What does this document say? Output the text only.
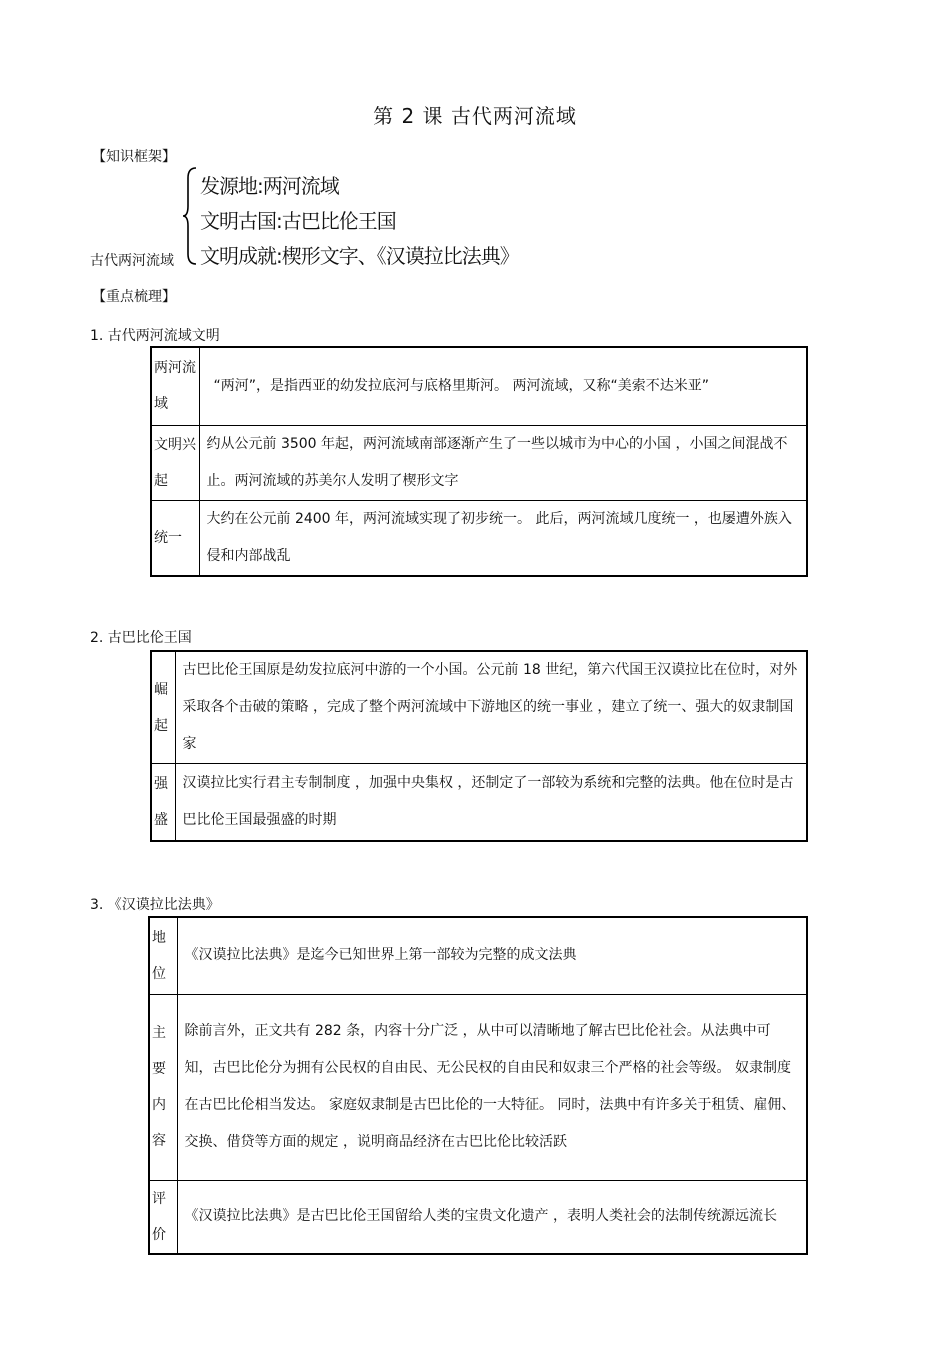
第 2 课 古代两河流域
【知识框架】
古代两河流域
发源地:两河流域
文明古国:古巴比伦王国
文明成就:楔形文字、《汉谟拉比法典》
【重点梳理】
1. 古代两河流域文明
两河流域	“两河”，是指西亚的幼发拉底河与底格里斯河。 两河流域，又称“美索不达米亚”
文明兴起	约从公元前 3500 年起，两河流域南部逐渐产生了一些以城市为中心的小国 ，小国之间混战不止。两河流域的苏美尔人发明了楔形文字
统一	大约在公元前 2400 年，两河流域实现了初步统一。 此后，两河流域几度统一 ，也屡遭外族入侵和内部战乱
2. 古巴比伦王国
崛起	古巴比伦王国原是幼发拉底河中游的一个小国。公元前 18 世纪，第六代国王汉谟拉比在位时，对外采取各个击破的策略 ，完成了整个两河流域中下游地区的统一事业 ，建立了统一、强大的奴隶制国家
强盛	汉谟拉比实行君主专制制度 ，加强中央集权 ，还制定了一部较为系统和完整的法典。他在位时是古巴比伦王国最强盛的时期
3. 《汉谟拉比法典》
地位	《汉谟拉比法典》是迄今已知世界上第一部较为完整的成文法典
主要内容	除前言外，正文共有 282 条，内容十分广泛 ，从中可以清晰地了解古巴比伦社会。从法典中可知，古巴比伦分为拥有公民权的自由民、无公民权的自由民和奴隶三个严格的社会等级。 奴隶制度在古巴比伦相当发达。 家庭奴隶制是古巴比伦的一大特征。 同时，法典中有许多关于租赁、雇佣、交换、借贷等方面的规定 ，说明商品经济在古巴比伦比较活跃
评价	《汉谟拉比法典》是古巴比伦王国留给人类的宝贵文化遗产 ，表明人类社会的法制传统源远流长
